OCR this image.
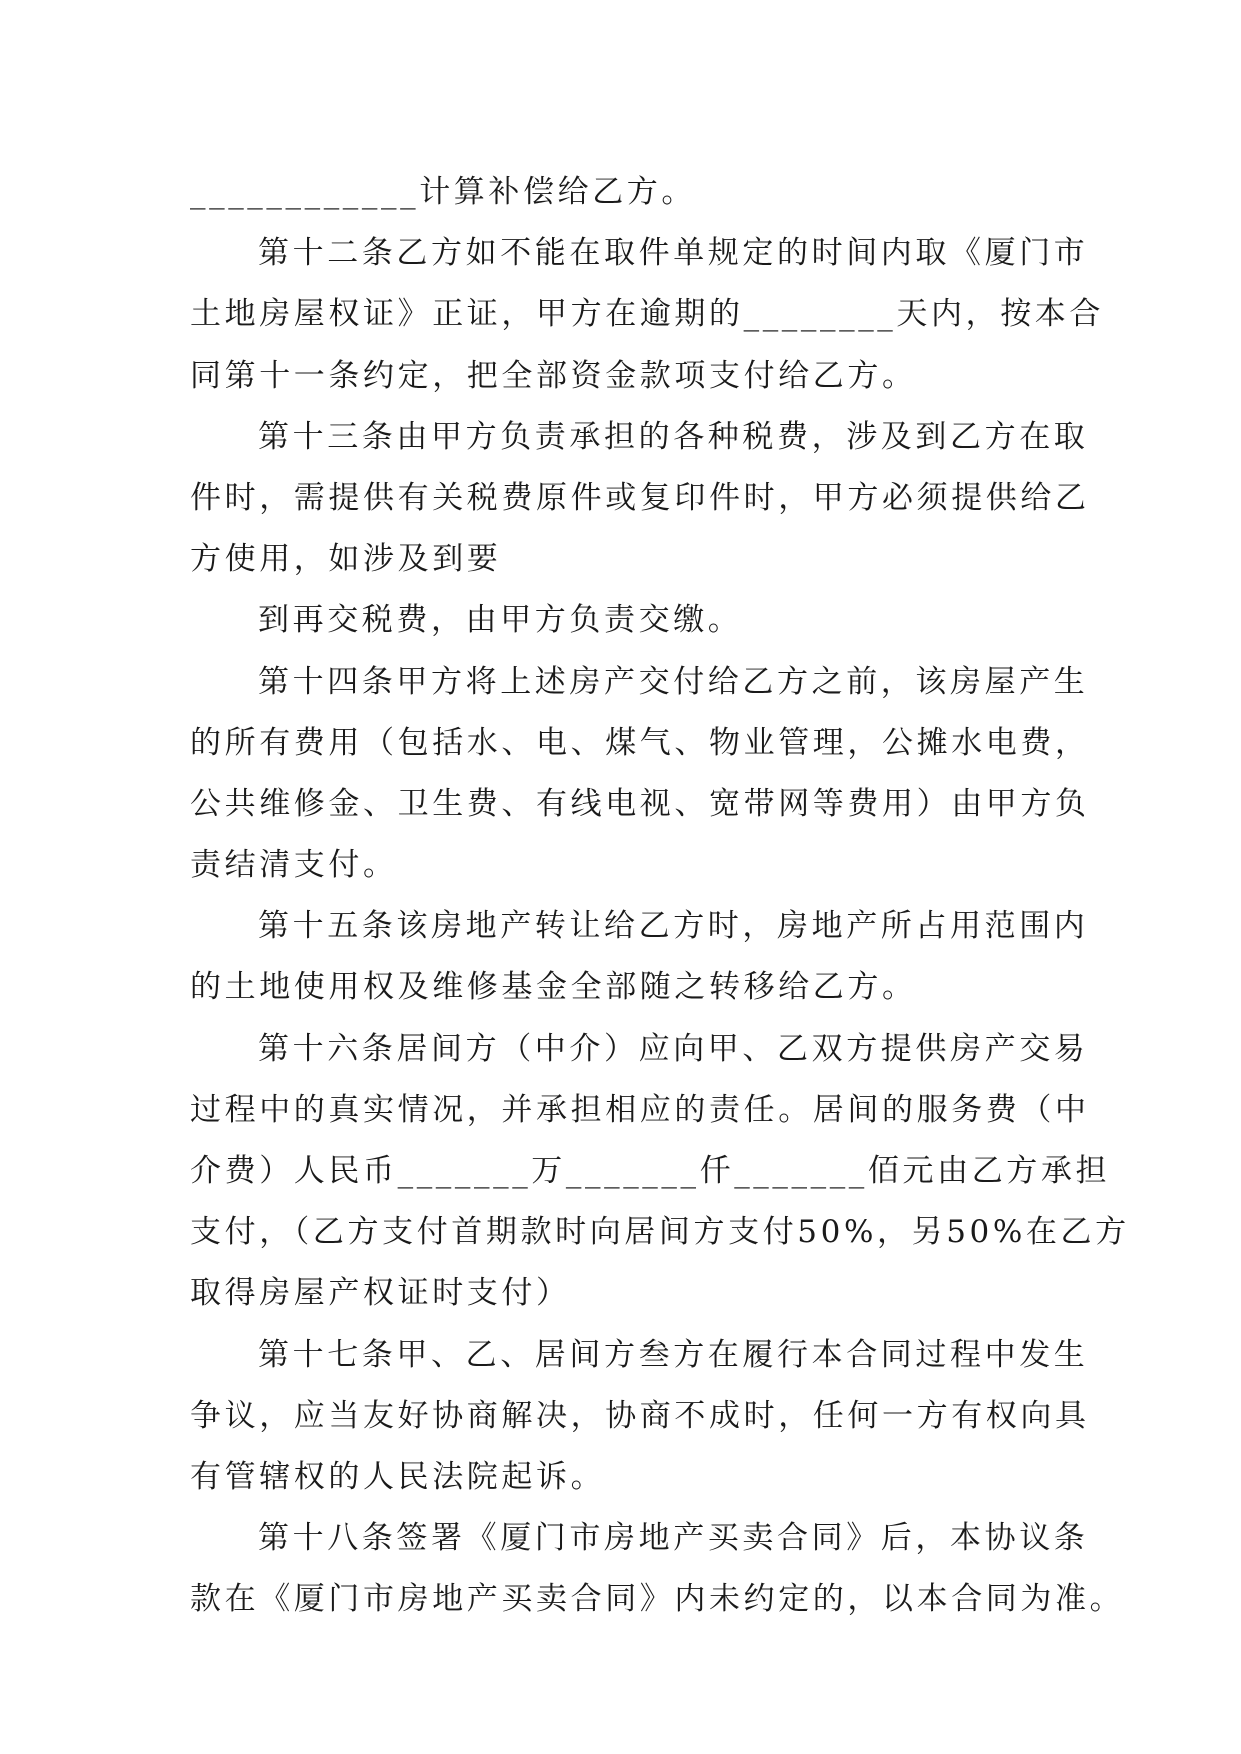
____________计算补偿给乙方。
第十二条乙方如不能在取件单规定的时间内取《厦门市
土地房屋权证》正证，甲方在逾期的________天内，按本合
同第十一条约定，把全部资金款项支付给乙方。
第十三条由甲方负责承担的各种税费，涉及到乙方在取
件时，需提供有关税费原件或复印件时，甲方必须提供给乙
方使用，如涉及到要
到再交税费，由甲方负责交缴。
第十四条甲方将上述房产交付给乙方之前，该房屋产生
的所有费用（包括水、电、煤气、物业管理，公摊水电费，
公共维修金、卫生费、有线电视、宽带网等费用）由甲方负
责结清支付。
第十五条该房地产转让给乙方时，房地产所占用范围内
的土地使用权及维修基金全部随之转移给乙方。
第十六条居间方（中介）应向甲、乙双方提供房产交易
过程中的真实情况，并承担相应的责任。居间的服务费（中
介费）人民币_______万_______仟_______佰元由乙方承担
支付，（乙方支付首期款时向居间方支付50%，另50%在乙方
取得房屋产权证时支付）
第十七条甲、乙、居间方叁方在履行本合同过程中发生
争议，应当友好协商解决，协商不成时，任何一方有权向具
有管辖权的人民法院起诉。
第十八条签署《厦门市房地产买卖合同》后，本协议条
款在《厦门市房地产买卖合同》内未约定的，以本合同为准。
